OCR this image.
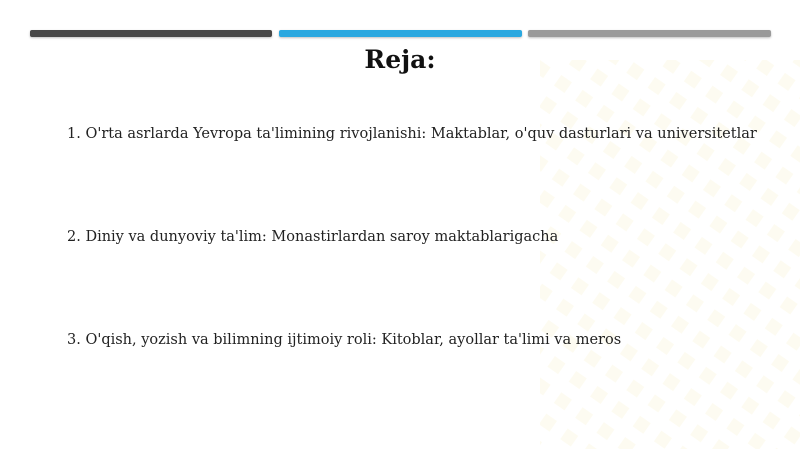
Reja:
1. O'rta asrlarda Yevropa ta'limining rivojlanishi: Maktablar, o'quv dasturlari va universitetlar
2. Diniy va dunyoviy ta'lim: Monastirlardan saroy maktablarigacha
3. O'qish, yozish va bilimning ijtimoiy roli: Kitoblar, ayollar ta'limi va meros
